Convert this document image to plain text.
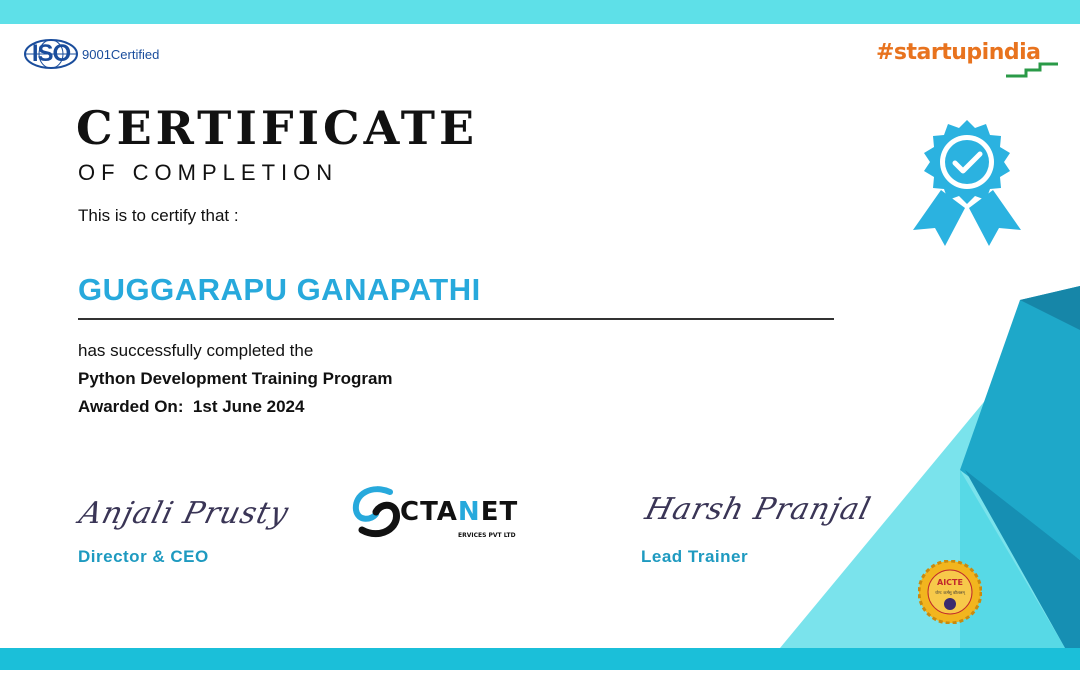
ISO 9001Certified	#startupindia
CERTIFICATE
OF COMPLETION
This is to certify that :
GUGGARAPU GANAPATHI
has successfully completed the
Python Development Training Program
Awarded On:  1st June 2024
Anjali Prusty
Director & CEO
Harsh Pranjal
Lead Trainer
CTANET
ERVICES PVT LTD
AICTE
योग: कर्मसु कौशलम्
